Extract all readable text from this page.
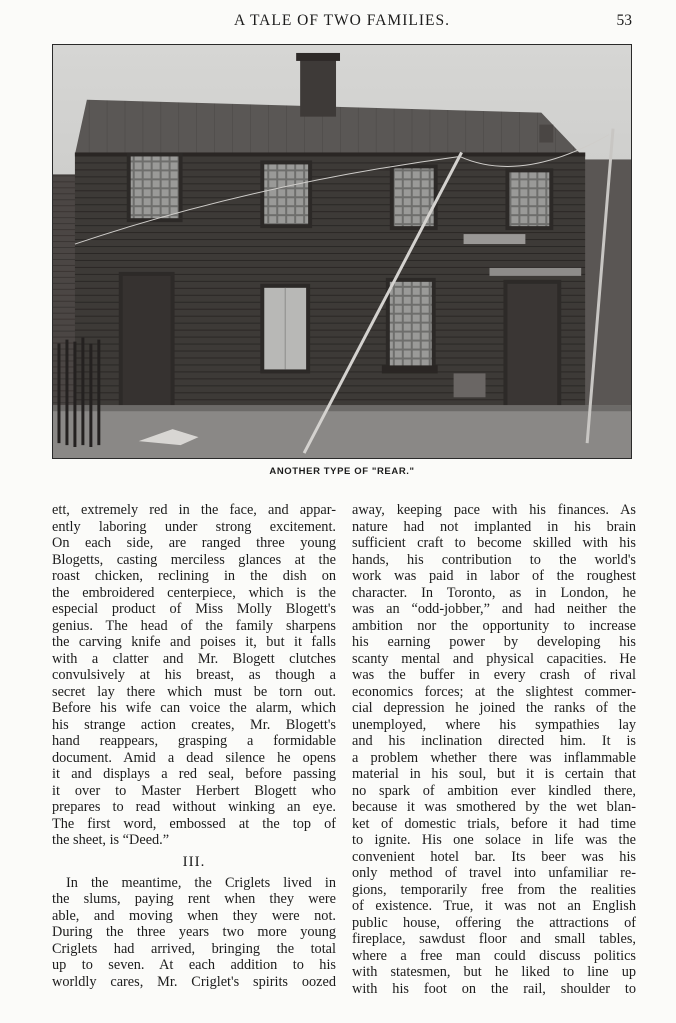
A TALE OF TWO FAMILIES.	53
ANOTHER TYPE OF "REAR."
ett, extremely red in the face, and appar-
ently laboring under strong excitement.
On each side, are ranged three young
Blogetts, casting merciless glances at the
roast chicken, reclining in the dish on
the embroidered centerpiece, which is the
especial product of Miss Molly Blogett's
genius. The head of the family sharpens
the carving knife and poises it, but it falls
with a clatter and Mr. Blogett clutches
convulsively at his breast, as though a
secret lay there which must be torn out.
Before his wife can voice the alarm, which
his strange action creates, Mr. Blogett's
hand reappears, grasping a formidable
document. Amid a dead silence he opens
it and displays a red seal, before passing
it over to Master Herbert Blogett who
prepares to read without winking an eye.
The first word, embossed at the top of
the sheet, is “Deed.”
III.
In the meantime, the Criglets lived in
the slums, paying rent when they were
able, and moving when they were not.
During the three years two more young
Criglets had arrived, bringing the total
up to seven. At each addition to his
worldly cares, Mr. Criglet's spirits oozed
away, keeping pace with his finances. As
nature had not implanted in his brain
sufficient craft to become skilled with his
hands, his contribution to the world's
work was paid in labor of the roughest
character. In Toronto, as in London, he
was an “odd-jobber,” and had neither the
ambition nor the opportunity to increase
his earning power by developing his
scanty mental and physical capacities. He
was the buffer in every crash of rival
economics forces; at the slightest commer-
cial depression he joined the ranks of the
unemployed, where his sympathies lay
and his inclination directed him. It is
a problem whether there was inflammable
material in his soul, but it is certain that
no spark of ambition ever kindled there,
because it was smothered by the wet blan-
ket of domestic trials, before it had time
to ignite. His one solace in life was the
convenient hotel bar. Its beer was his
only method of travel into unfamiliar re-
gions, temporarily free from the realities
of existence. True, it was not an English
public house, offering the attractions of
fireplace, sawdust floor and small tables,
where a free man could discuss politics
with statesmen, but he liked to line up
with his foot on the rail, shoulder to
